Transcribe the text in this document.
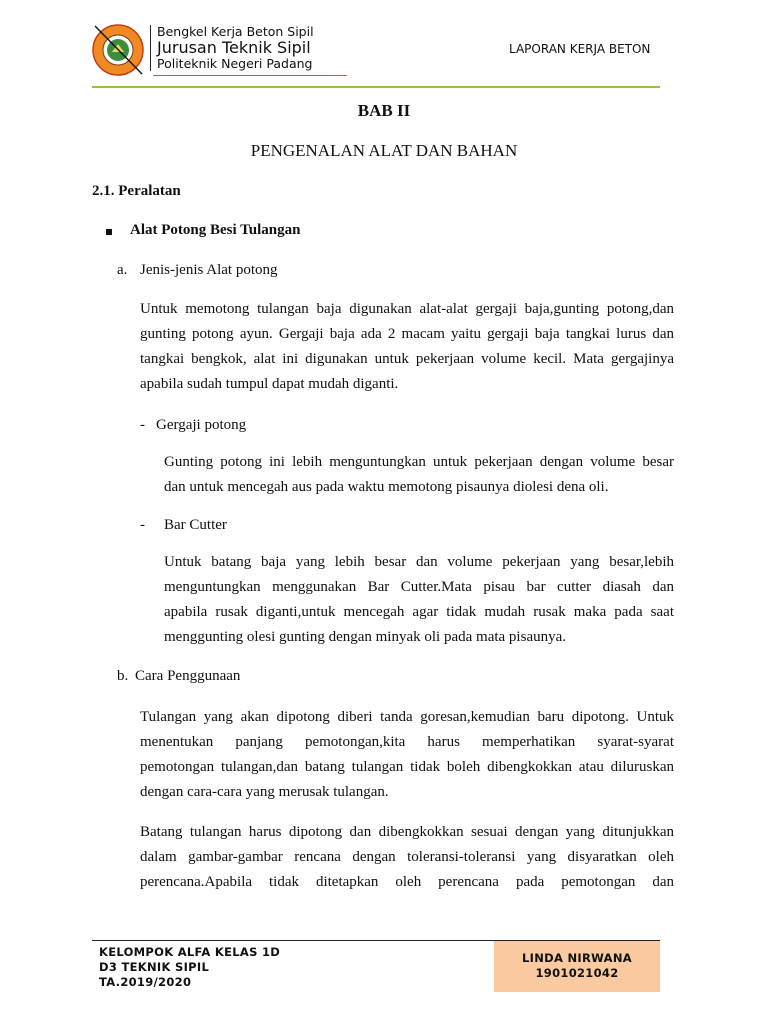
Bengkel Kerja Beton Sipil
Jurusan Teknik Sipil
Politeknik Negeri Padang
LAPORAN KERJA BETON
BAB II
PENGENALAN ALAT DAN BAHAN
2.1. Peralatan
Alat Potong Besi Tulangan
a. Jenis-jenis Alat potong
Untuk memotong tulangan baja digunakan alat-alat gergaji baja,gunting potong,dan
gunting potong ayun. Gergaji baja ada 2 macam yaitu gergaji baja tangkai lurus dan
tangkai bengkok, alat ini digunakan untuk pekerjaan volume kecil. Mata gergajinya
apabila sudah tumpul dapat mudah diganti.
- Gergaji potong
Gunting potong ini lebih menguntungkan untuk pekerjaan dengan volume besar
dan untuk mencegah aus pada waktu memotong pisaunya diolesi dena oli.
- Bar Cutter
Untuk batang baja yang lebih besar dan volume pekerjaan yang besar,lebih
menguntungkan menggunakan Bar Cutter.Mata pisau bar cutter diasah dan
apabila rusak diganti,untuk mencegah agar tidak mudah rusak maka pada saat
menggunting olesi gunting dengan minyak oli pada mata pisaunya.
b. Cara Penggunaan
Tulangan yang akan dipotong diberi tanda goresan,kemudian baru dipotong. Untuk
menentukan panjang pemotongan,kita harus memperhatikan syarat-syarat
pemotongan tulangan,dan batang tulangan tidak boleh dibengkokkan atau diluruskan
dengan cara-cara yang merusak tulangan.
Batang tulangan harus dipotong dan dibengkokkan sesuai dengan yang ditunjukkan
dalam gambar-gambar rencana dengan toleransi-toleransi yang disyaratkan oleh
perencana.Apabila tidak ditetapkan oleh perencana pada pemotongan dan
KELOMPOK ALFA KELAS 1D
D3 TEKNIK SIPIL
TA.2019/2020
LINDA NIRWANA
1901021042
